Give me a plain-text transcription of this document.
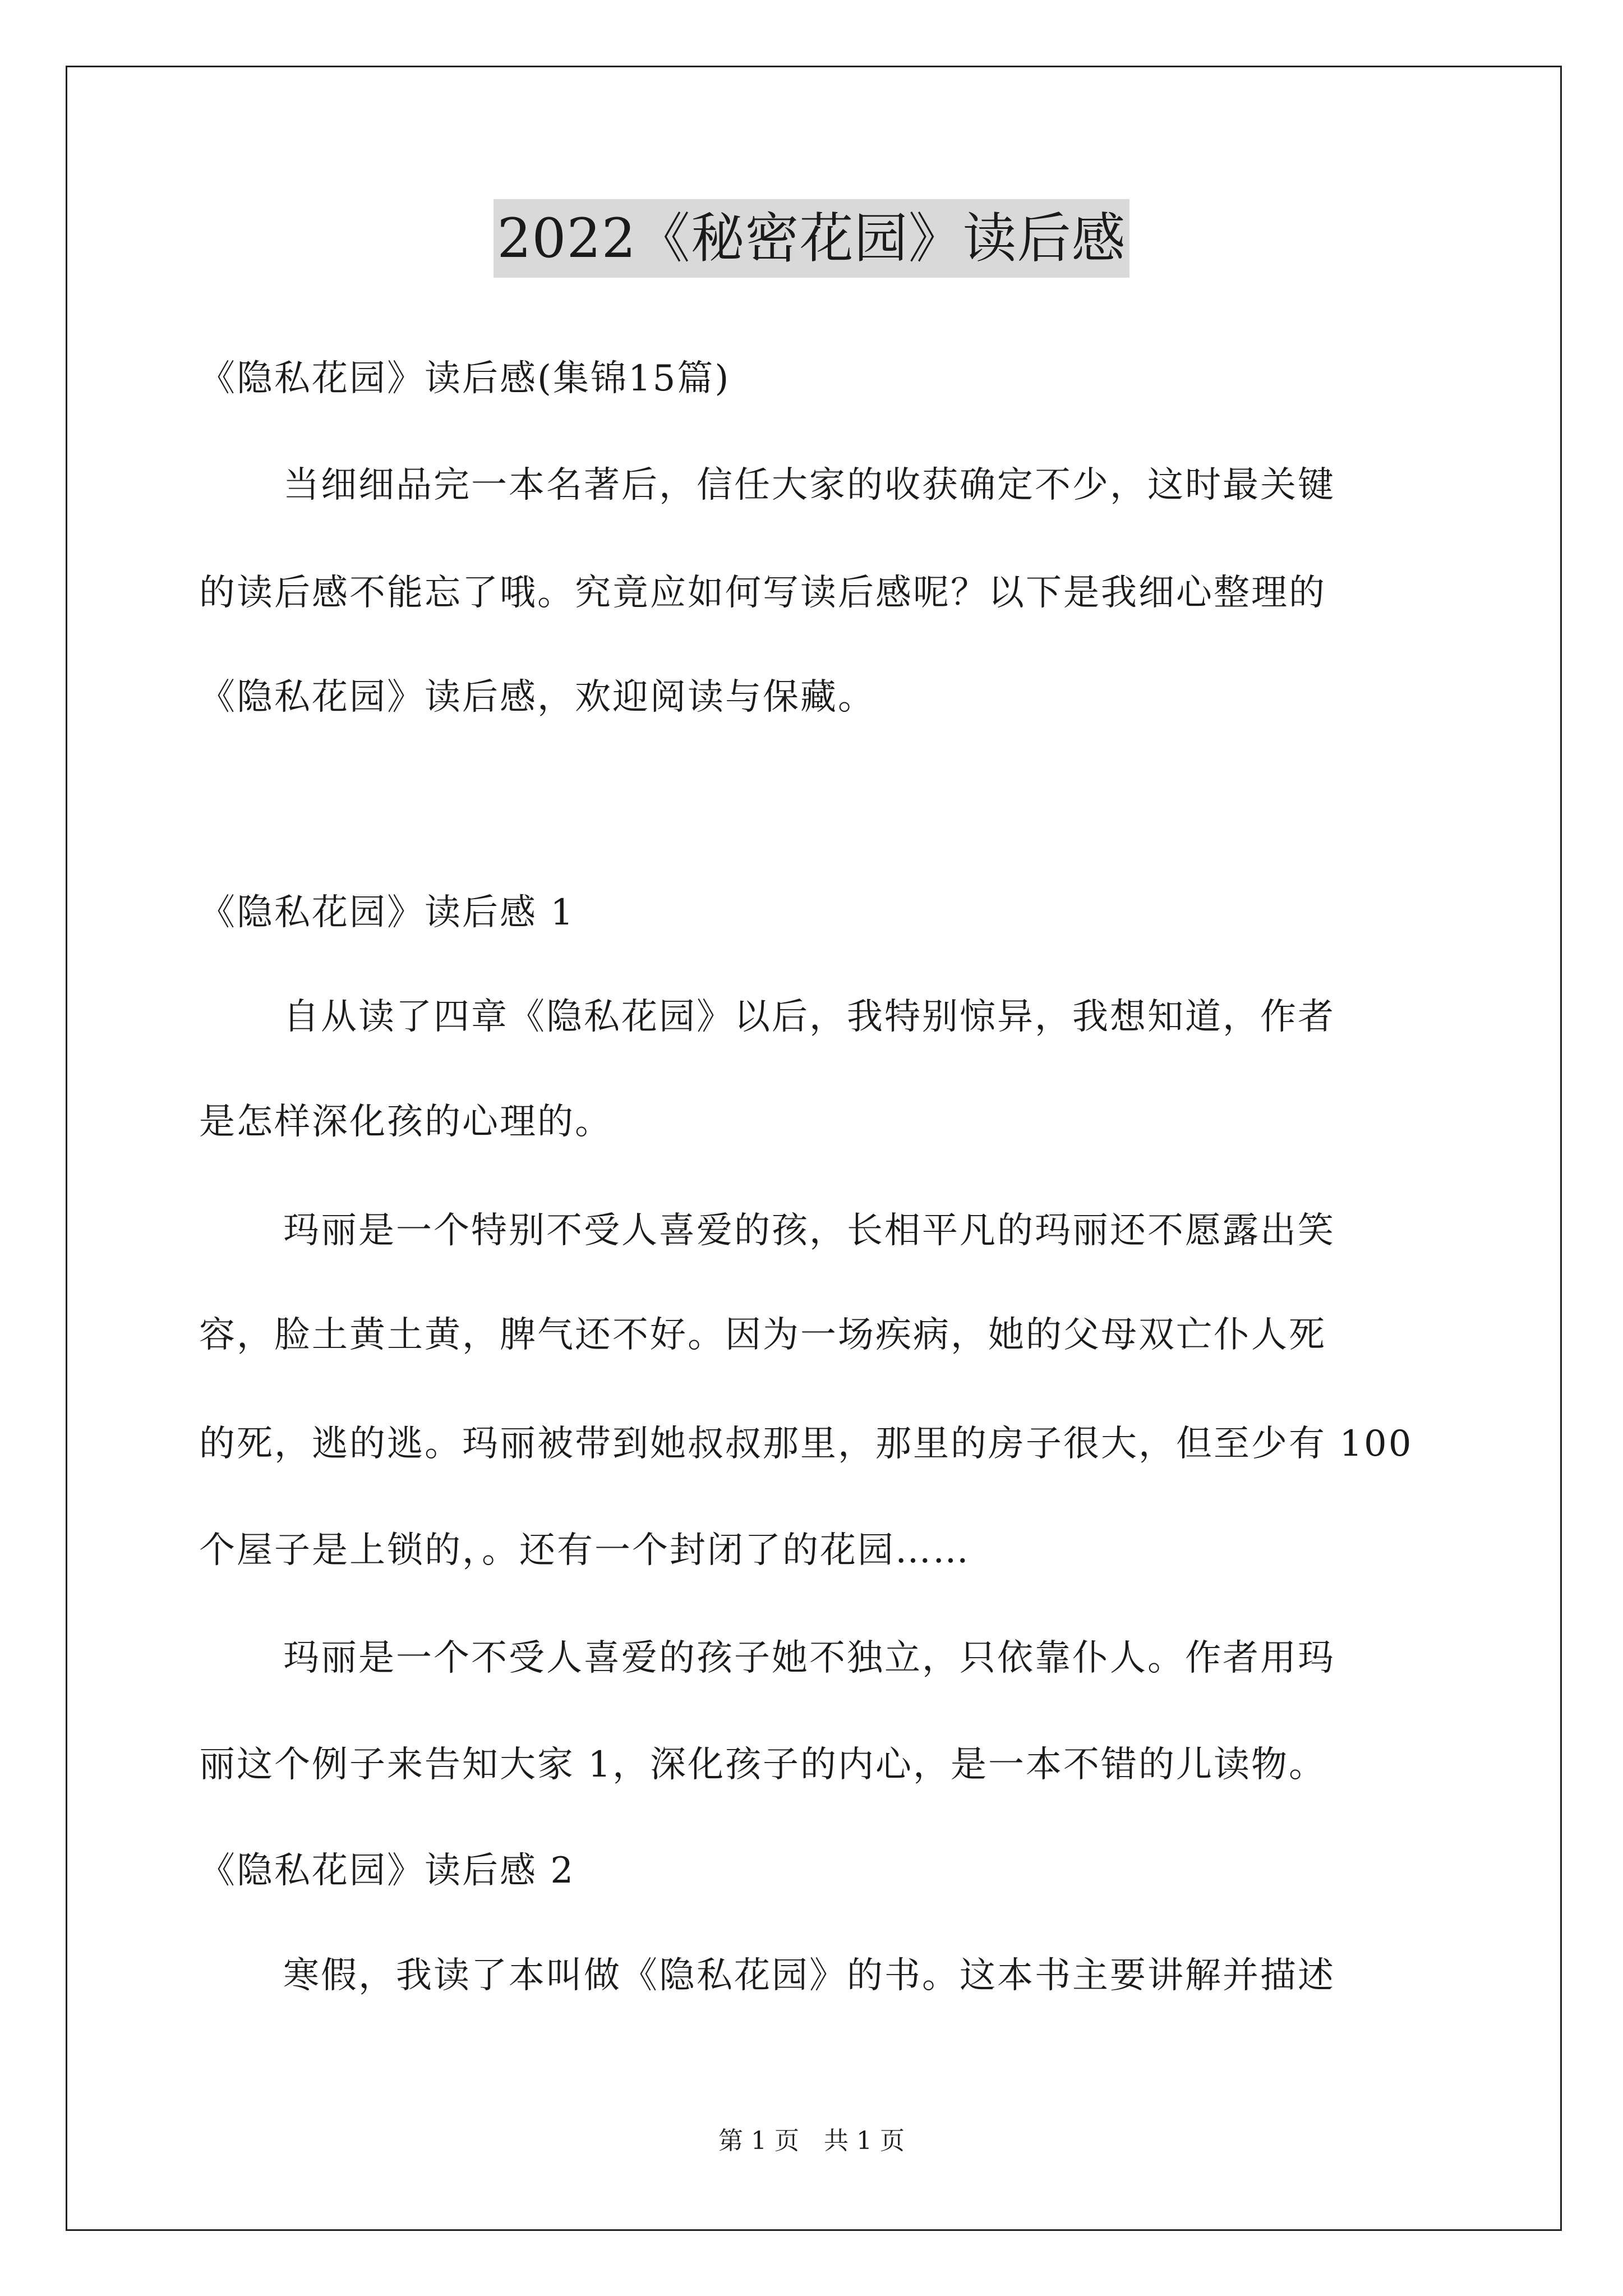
2022《秘密花园》读后感
《隐私花园》读后感(集锦15篇)
当细细品完一本名著后，信任大家的收获确定不少，这时最关键
的读后感不能忘了哦。究竟应如何写读后感呢？以下是我细心整理的
《隐私花园》读后感，欢迎阅读与保藏。
《隐私花园》读后感 1
自从读了四章《隐私花园》以后，我特别惊异，我想知道，作者
是怎样深化孩的心理的。
玛丽是一个特别不受人喜爱的孩，长相平凡的玛丽还不愿露出笑
容，脸土黄土黄，脾气还不好。因为一场疾病，她的父母双亡仆人死
的死，逃的逃。玛丽被带到她叔叔那里，那里的房子很大，但至少有 100
个屋子是上锁的，。还有一个封闭了的花园……
玛丽是一个不受人喜爱的孩子她不独立，只依靠仆人。作者用玛
丽这个例子来告知大家 1，深化孩子的内心，是一本不错的儿读物。
《隐私花园》读后感 2
寒假，我读了本叫做《隐私花园》的书。这本书主要讲解并描述
第 1 页　共 1 页
